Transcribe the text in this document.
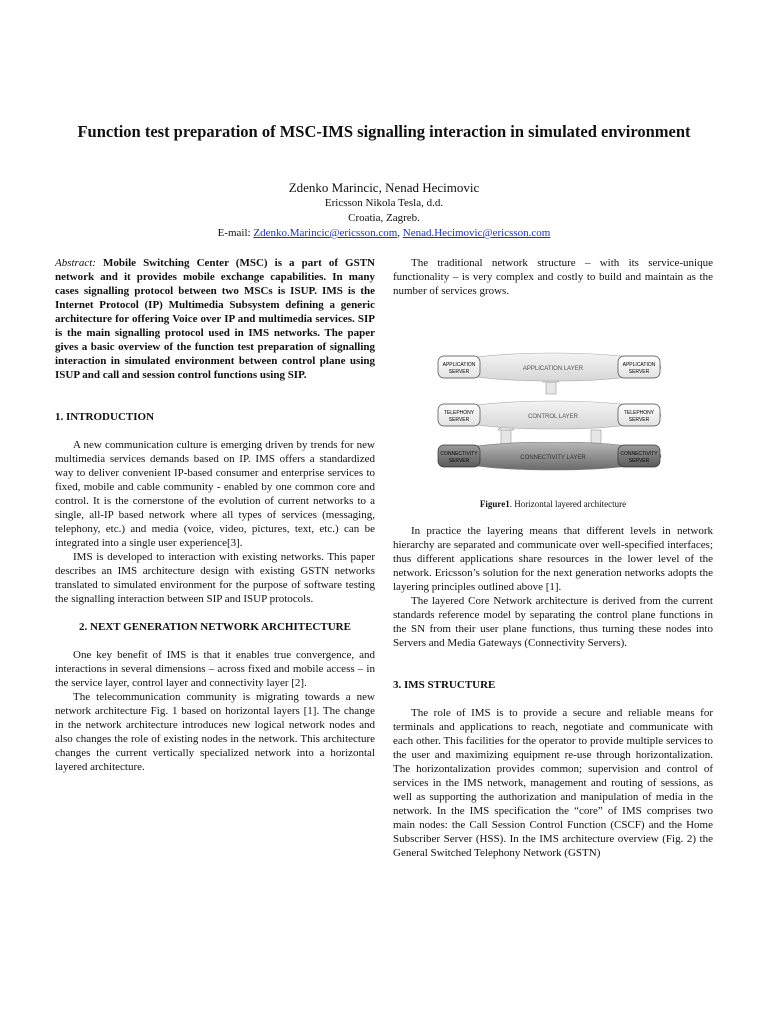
Function test preparation of MSC-IMS signalling interaction in simulated environment
Zdenko Marincic, Nenad Hecimovic
Ericsson Nikola Tesla, d.d.
Croatia, Zagreb.
E-mail: Zdenko.Marincic@ericsson.com, Nenad.Hecimovic@ericsson.com
Abstract: Mobile Switching Center (MSC) is a part of GSTN network and it provides mobile exchange capabilities. In many cases signalling protocol between two MSCs is ISUP. IMS is the Internet Protocol (IP) Multimedia Subsystem defining a generic architecture for offering Voice over IP and multimedia services. SIP is the main signalling protocol used in IMS networks. The paper gives a basic overview of the function test preparation of signalling interaction in simulated environment between control plane using ISUP and call and session control functions using SIP.
1. INTRODUCTION

A new communication culture is emerging driven by trends for new multimedia services demands based on IP. IMS offers a standardized way to deliver convenient IP-based consumer and enterprise services to fixed, mobile and cable community - enabled by one common core and control. It is the cornerstone of the evolution of current networks to a single, all-IP based network where all types of services (messaging, telephony, etc.) and media (voice, video, pictures, text, etc.) can be integrated into a single user experience[3].

IMS is developed to interaction with existing networks. This paper describes an IMS architecture design with existing GSTN networks translated to simulated environment for the purpose of software testing the signalling interaction between SIP and ISUP protocols.

2. NEXT GENERATION NETWORK ARCHITECTURE

One key benefit of IMS is that it enables true convergence, and interactions in several dimensions – across fixed and mobile access – in the service layer, control layer and connectivity layer [2].

The telecommunication community is migrating towards a new network architecture Fig. 1 based on horizontal layers [1]. The change in the network architecture introduces new logical network nodes and also changes the role of existing nodes in the network. This architecture changes the current vertically specialized network into a horizontal layered architecture.

The traditional network structure – with its service-unique functionality – is very complex and costly to build and maintain as the number of services grows.

APPLICATION LAYER
APPLICATION
SERVER
APPLICATION
SERVER
CONTROL LAYER
TELEPHONY
SERVER
TELEPHONY
SERVER
CONNECTIVITY LAYER
CONNECTIVITY
SERVER
CONNECTIVITY
SERVER
Figure1. Horizontal layered architecture

In practice the layering means that different levels in network hierarchy are separated and communicate over well-specified interfaces; thus different applications share resources in the lower level of the network. Ericsson’s solution for the next generation networks adopts the layering principles outlined above [1].

The layered Core Network architecture is derived from the current standards reference model by separating the control plane functions in the SN from their user plane functions, thus turning these nodes into Servers and Media Gateways (Connectivity Servers).

3. IMS STRUCTURE

The role of IMS is to provide a secure and reliable means for terminals and applications to reach, negotiate and communicate with each other. This facilities for the operator to provide multiple services to the user and maximizing equipment re-use through horizontalization. The horizontalization provides common; supervision and control of services in the IMS network, management and routing of sessions, as well as supporting the authorization and manipulation of media in the network. In the IMS specification the “core” of IMS comprises two main nodes: the Call Session Control Function (CSCF) and the Home Subscriber Server (HSS). In the IMS architecture overview (Fig. 2) the General Switched Telephony Network (GSTN)
